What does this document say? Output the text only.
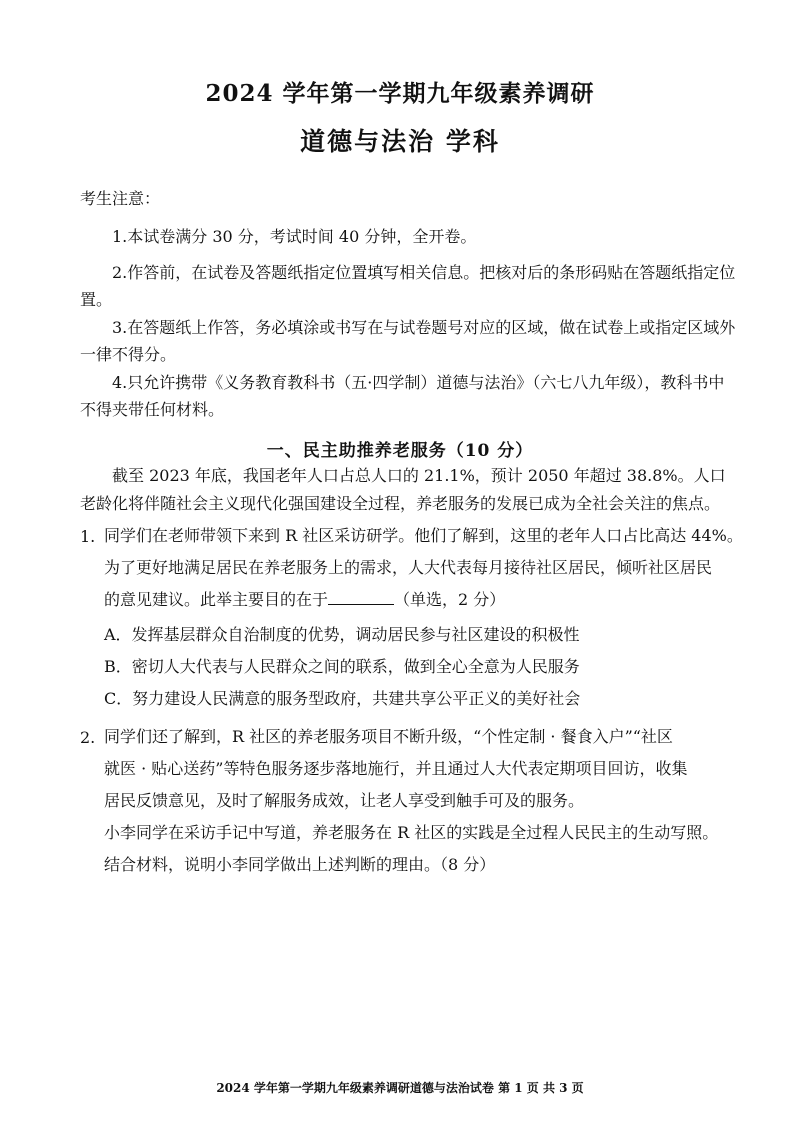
2024 学年第一学期九年级素养调研
道德与法治 学科
考生注意：
1.本试卷满分 30 分，考试时间 40 分钟，全开卷。
2.作答前，在试卷及答题纸指定位置填写相关信息。把核对后的条形码贴在答题纸指定位置。
3.在答题纸上作答，务必填涂或书写在与试卷题号对应的区域，做在试卷上或指定区域外一律不得分。
4.只允许携带《义务教育教科书（五·四学制）道德与法治》（六七八九年级），教科书中不得夹带任何材料。
一、民主助推养老服务（10 分）
截至 2023 年底，我国老年人口占总人口的 21.1%，预计 2050 年超过 38.8%。人口老龄化将伴随社会主义现代化强国建设全过程，养老服务的发展已成为全社会关注的焦点。
1. 同学们在老师带领下来到 R 社区采访研学。他们了解到，这里的老年人口占比高达 44%。
为了更好地满足居民在养老服务上的需求，人大代表每月接待社区居民，倾听社区居民
的意见建议。此举主要目的在于	（单选，2 分）
A．发挥基层群众自治制度的优势，调动居民参与社区建设的积极性
B．密切人大代表与人民群众之间的联系，做到全心全意为人民服务
C．努力建设人民满意的服务型政府，共建共享公平正义的美好社会
2. 同学们还了解到，R 社区的养老服务项目不断升级，“个性定制 · 餐食入户”“社区
就医 · 贴心送药”等特色服务逐步落地施行，并且通过人大代表定期项目回访，收集
居民反馈意见，及时了解服务成效，让老人享受到触手可及的服务。
小李同学在采访手记中写道，养老服务在 R 社区的实践是全过程人民民主的生动写照。
结合材料，说明小李同学做出上述判断的理由。（8 分）
2024 学年第一学期九年级素养调研道德与法治试卷 第 1 页 共 3 页
